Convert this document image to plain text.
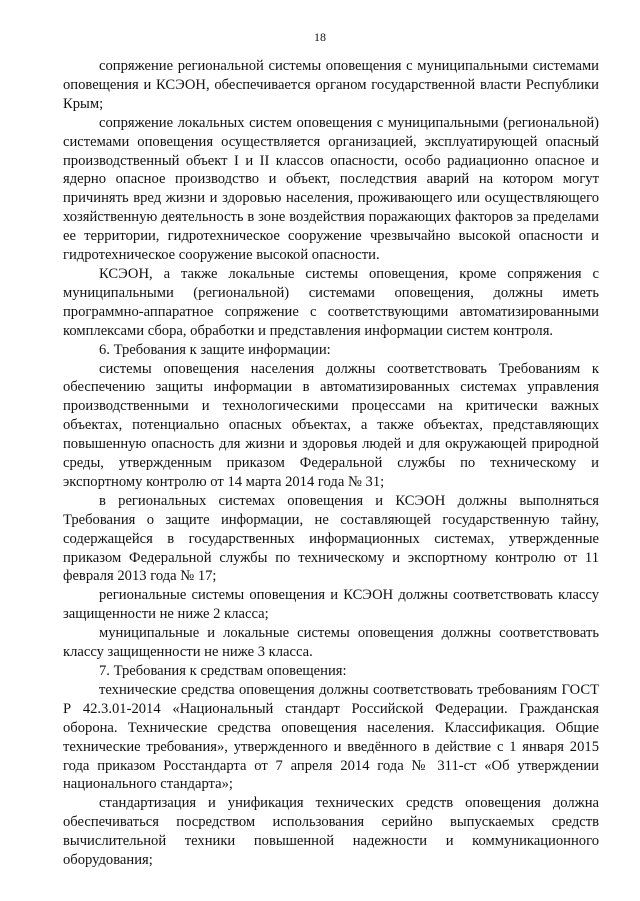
18

сопряжение региональной системы оповещения с муниципальными системами оповещения и КСЭОН, обеспечивается органом государственной власти Республики Крым;

сопряжение локальных систем оповещения с муниципальными (региональной) системами оповещения осуществляется организацией, эксплуатирующей опасный производственный объект I и II классов опасности, особо радиационно опасное и ядерно опасное производство и объект, последствия аварий на котором могут причинять вред жизни и здоровью населения, проживающего или осуществляющего хозяйственную деятельность в зоне воздействия поражающих факторов за пределами ее территории, гидротехническое сооружение чрезвычайно высокой опасности и гидротехническое сооружение высокой опасности.

КСЭОН, а также локальные системы оповещения, кроме сопряжения с муниципальными (региональной) системами оповещения, должны иметь программно-аппаратное сопряжение с соответствующими автоматизированными комплексами сбора, обработки и представления информации систем контроля.

6. Требования к защите информации:

системы оповещения населения должны соответствовать Требованиям к обеспечению защиты информации в автоматизированных системах управления производственными и технологическими процессами на критически важных объектах, потенциально опасных объектах, а также объектах, представляющих повышенную опасность для жизни и здоровья людей и для окружающей природной среды, утвержденным приказом Федеральной службы по техническому и экспортному контролю от 14 марта 2014 года № 31;

в региональных системах оповещения и КСЭОН должны выполняться Требования о защите информации, не составляющей государственную тайну, содержащейся в государственных информационных системах, утвержденные приказом Федеральной службы по техническому и экспортному контролю от 11 февраля 2013 года № 17;

региональные системы оповещения и КСЭОН должны соответствовать классу защищенности не ниже 2 класса;

муниципальные и локальные системы оповещения должны соответствовать классу защищенности не ниже 3 класса.

7. Требования к средствам оповещения:

технические средства оповещения должны соответствовать требованиям ГОСТ Р 42.3.01-2014 «Национальный стандарт Российской Федерации. Гражданская оборона. Технические средства оповещения населения. Классификация. Общие технические требования», утвержденного и введённого в действие с 1 января 2015 года приказом Росстандарта от 7 апреля 2014 года № 311-ст «Об утверждении национального стандарта»;

стандартизация и унификация технических средств оповещения должна обеспечиваться посредством использования серийно выпускаемых средств вычислительной техники повышенной надежности и коммуникационного оборудования;
